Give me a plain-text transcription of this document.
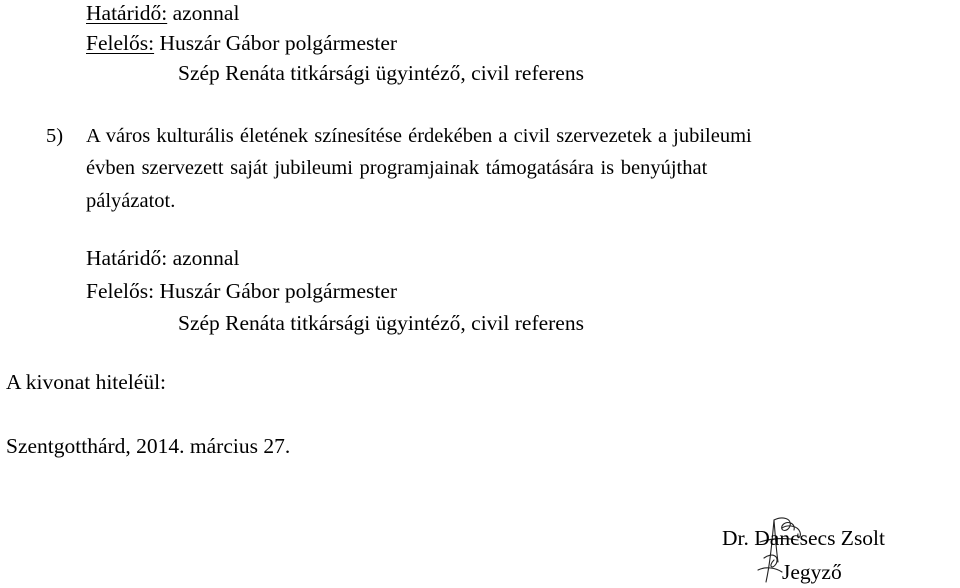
Határidő: azonnal
Felelős: Huszár Gábor polgármester
Szép Renáta titkársági ügyintéző, civil referens
5) A város kulturális életének színesítése érdekében a civil szervezetek a jubileumi
évben szervezett saját jubileumi programjainak támogatására is benyújthat
pályázatot.
Határidő: azonnal
Felelős: Huszár Gábor polgármester
Szép Renáta titkársági ügyintéző, civil referens
A kivonat hiteléül:
Szentgotthárd, 2014. március 27.
Dr. Dancsecs Zsolt
Jegyző
